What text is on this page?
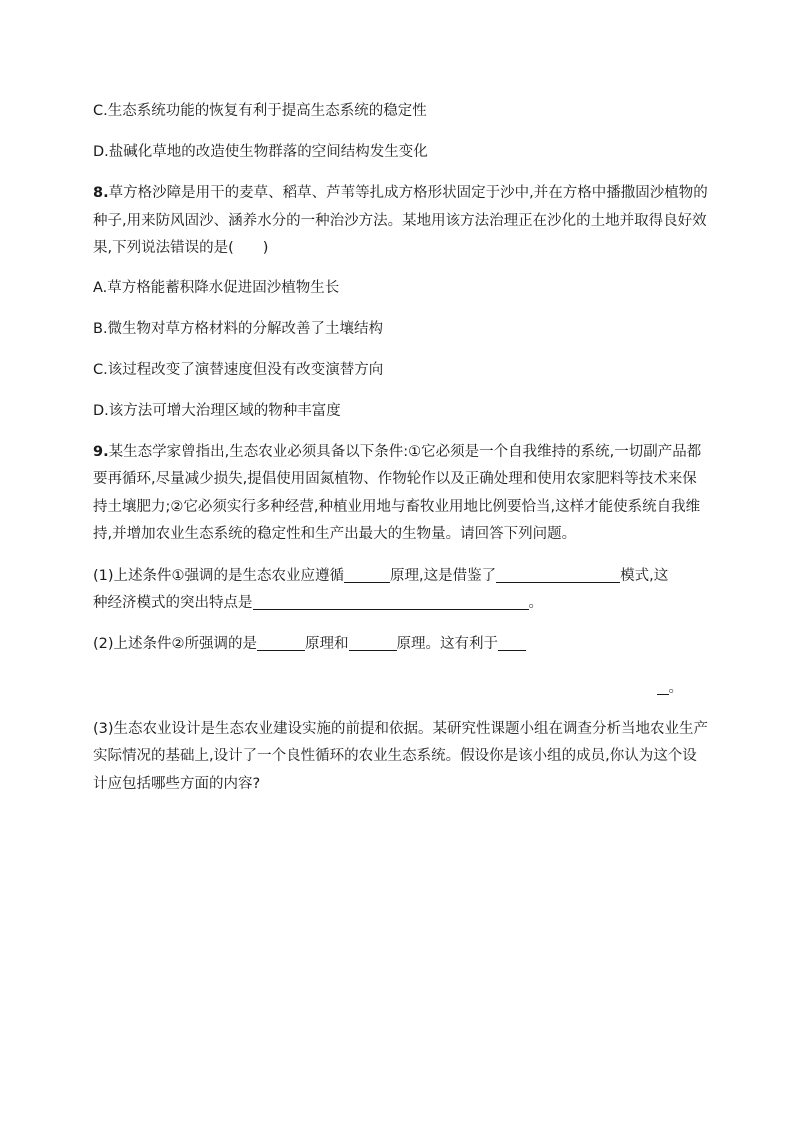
C.生态系统功能的恢复有利于提高生态系统的稳定性
D.盐碱化草地的改造使生物群落的空间结构发生变化
8.草方格沙障是用干的麦草、稻草、芦苇等扎成方格形状固定于沙中,并在方格中播撒固沙植物的
种子,用来防风固沙、涵养水分的一种治沙方法。某地用该方法治理正在沙化的土地并取得良好效
果,下列说法错误的是(　　)
A.草方格能蓄积降水促进固沙植物生长
B.微生物对草方格材料的分解改善了土壤结构
C.该过程改变了演替速度但没有改变演替方向
D.该方法可增大治理区域的物种丰富度
9.某生态学家曾指出,生态农业必须具备以下条件:①它必须是一个自我维持的系统,一切副产品都
要再循环,尽量减少损失,提倡使用固氮植物、作物轮作以及正确处理和使用农家肥料等技术来保
持土壤肥力;②它必须实行多种经营,种植业用地与畜牧业用地比例要恰当,这样才能使系统自我维
持,并增加农业生态系统的稳定性和生产出最大的生物量。请回答下列问题。
(1)上述条件①强调的是生态农业应遵循	原理,这是借鉴了	模式,这
种经济模式的突出特点是	。
(2)上述条件②所强调的是	原理和	原理。这有利于
。
(3)生态农业设计是生态农业建设实施的前提和依据。某研究性课题小组在调查分析当地农业生产
实际情况的基础上,设计了一个良性循环的农业生态系统。假设你是该小组的成员,你认为这个设
计应包括哪些方面的内容?
